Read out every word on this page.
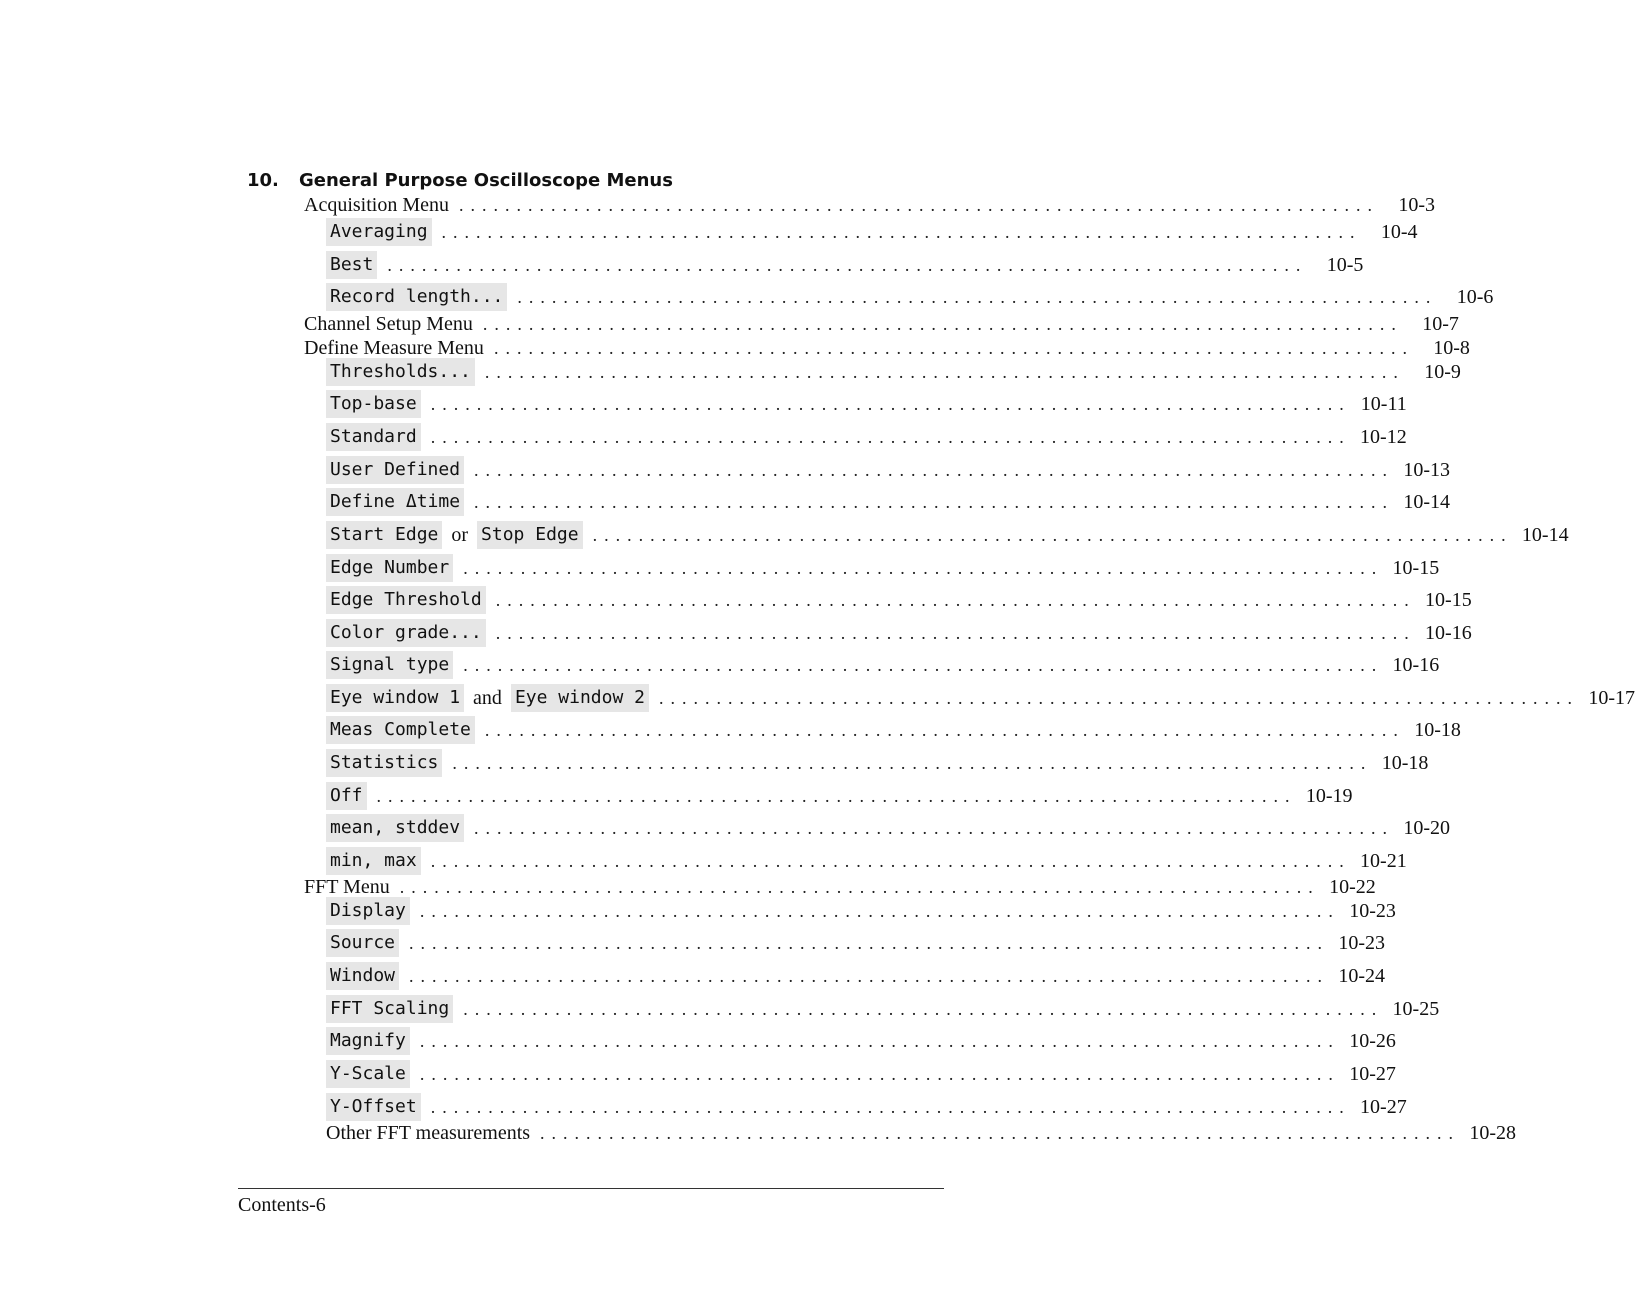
10. General Purpose Oscilloscope Menus
Acquisition Menu ................................................................................ 10-3
Averaging ................................................................................ 10-4
Best ................................................................................ 10-5
Record length... ................................................................................ 10-6
Channel Setup Menu ................................................................................ 10-7
Define Measure Menu ................................................................................ 10-8
Thresholds... ................................................................................ 10-9
Top-base ................................................................................ 10-11
Standard ................................................................................ 10-12
User Defined ................................................................................ 10-13
Define Δtime ................................................................................ 10-14
Start Edge or Stop Edge ................................................................................ 10-14
Edge Number ................................................................................ 10-15
Edge Threshold ................................................................................ 10-15
Color grade... ................................................................................ 10-16
Signal type ................................................................................ 10-16
Eye window 1 and Eye window 2 ................................................................................ 10-17
Meas Complete ................................................................................ 10-18
Statistics ................................................................................ 10-18
Off ................................................................................ 10-19
mean, stddev ................................................................................ 10-20
min, max ................................................................................ 10-21
FFT Menu ................................................................................ 10-22
Display ................................................................................ 10-23
Source ................................................................................ 10-23
Window ................................................................................ 10-24
FFT Scaling ................................................................................ 10-25
Magnify ................................................................................ 10-26
Y-Scale ................................................................................ 10-27
Y-Offset ................................................................................ 10-27
Other FFT measurements ................................................................................ 10-28
Contents-6
